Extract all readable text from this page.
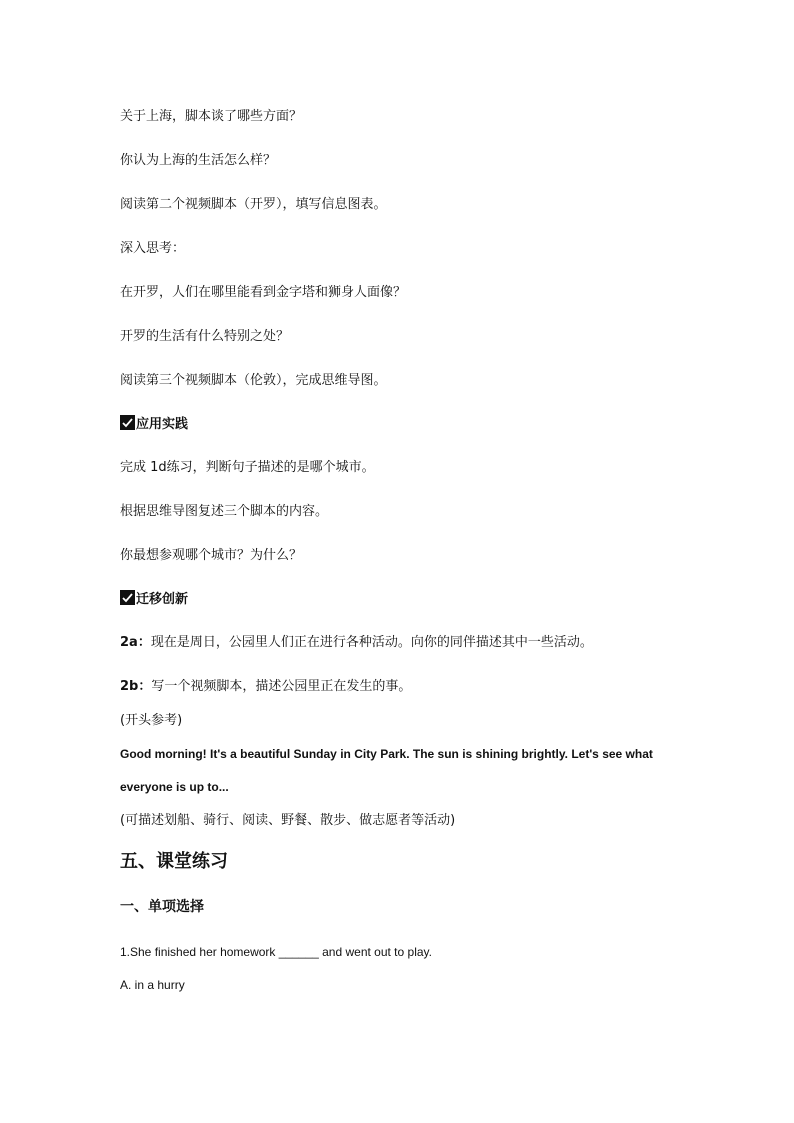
关于上海，脚本谈了哪些方面？

你认为上海的生活怎么样？

阅读第二个视频脚本（开罗），填写信息图表。

深入思考：

在开罗，人们在哪里能看到金字塔和狮身人面像？

开罗的生活有什么特别之处？

阅读第三个视频脚本（伦敦），完成思维导图。

应用实践

完成 1d练习，判断句子描述的是哪个城市。

根据思维导图复述三个脚本的内容。

你最想参观哪个城市？为什么？

迁移创新

2a：现在是周日，公园里人们正在进行各种活动。向你的同伴描述其中一些活动。

2b：写一个视频脚本，描述公园里正在发生的事。

(开头参考)

Good morning! It's a beautiful Sunday in City Park. The sun is shining brightly. Let's see what

everyone is up to...

(可描述划船、骑行、阅读、野餐、散步、做志愿者等活动)

五、课堂练习

一、单项选择

1.She finished her homework ______ and went out to play.

A. in a hurry
